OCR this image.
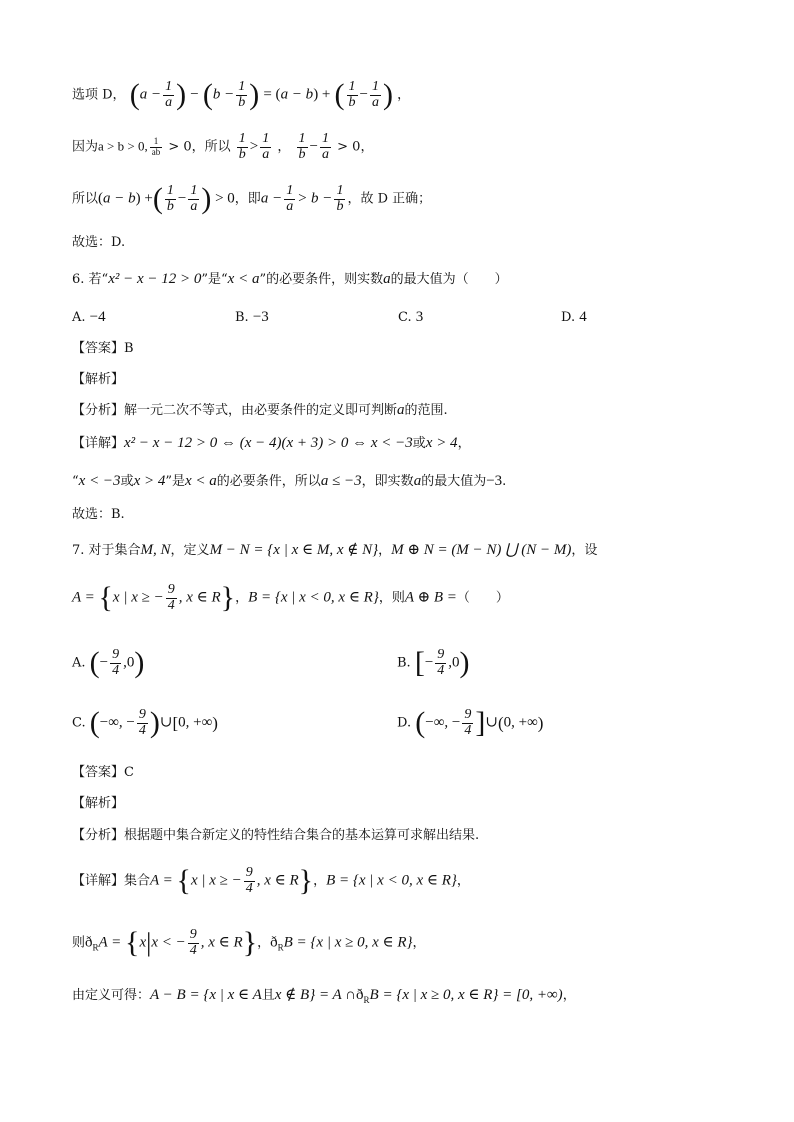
选项 D， ($a - \frac{1}{a}$ ) − ($b - \frac{1}{b}$ ) = (a − b) + ( $\frac{1}{b} - \frac{1}{a}$ ) ，
因为a > b > 0, $\frac{1}{ab} > 0$，所以 $\frac{1}{b} > \frac{1}{a}$ ， $\frac{1}{b} - \frac{1}{a} > 0$，
所以(a − b) +( $\frac{1}{b} - \frac{1}{a}$ ) > 0，即$a - \frac{1}{a} > b - \frac{1}{b}$ ，故 D 正确；
故选：D.
6. 若“x² − x − 12 > 0”是“x < a”的必要条件，则实数a的最大值为（　　）
A. −4	B. −3	C. 3	D. 4
【答案】B
【解析】
【分析】解一元二次不等式，由必要条件的定义即可判断a的范围.
【详解】x² − x − 12 > 0 ⇔ (x − 4)(x + 3) > 0 ⇔ x < −3或x > 4，
“x < −3或x > 4”是x < a的必要条件，所以a ≤ −3，即实数a的最大值为−3.
故选：B.
7. 对于集合M, N，定义M − N = {x | x ∈ M, x ∉ N}，M ⊕ N = (M − N) ⋃ (N − M)，设
A = {x | x ≥ − $\frac{9}{4}$ , x ∈ R}，B = {x | x < 0, x ∈ R}，则A ⊕ B =（　　）
A. (− $\frac{9}{4} ,0$)	B. [− $\frac{9}{4} ,0$)
C. (−∞, − $\frac{9}{4}$ )∪[0, +∞)	D. (−∞, − $\frac{9}{4}$ ]∪(0, +∞)
【答案】C
【解析】
【分析】根据题中集合新定义的特性结合集合的基本运算可求解出结果.
【详解】集合A = {x | x ≥ − $\frac{9}{4}$ , x ∈ R}，B = {x | x < 0, x ∈ R}，
则$ð_RA = \{x|x$ < − $\frac{9}{4}$ , x ∈ R}，$ð_RB = \{x$ | x ≥ 0, x ∈ R}，
由定义可得：A − B = {x | x ∈ A且x ∉ B} = A $\cap ð_RB = \{x$ | x ≥ 0, x ∈ R} = [0, +∞)，
